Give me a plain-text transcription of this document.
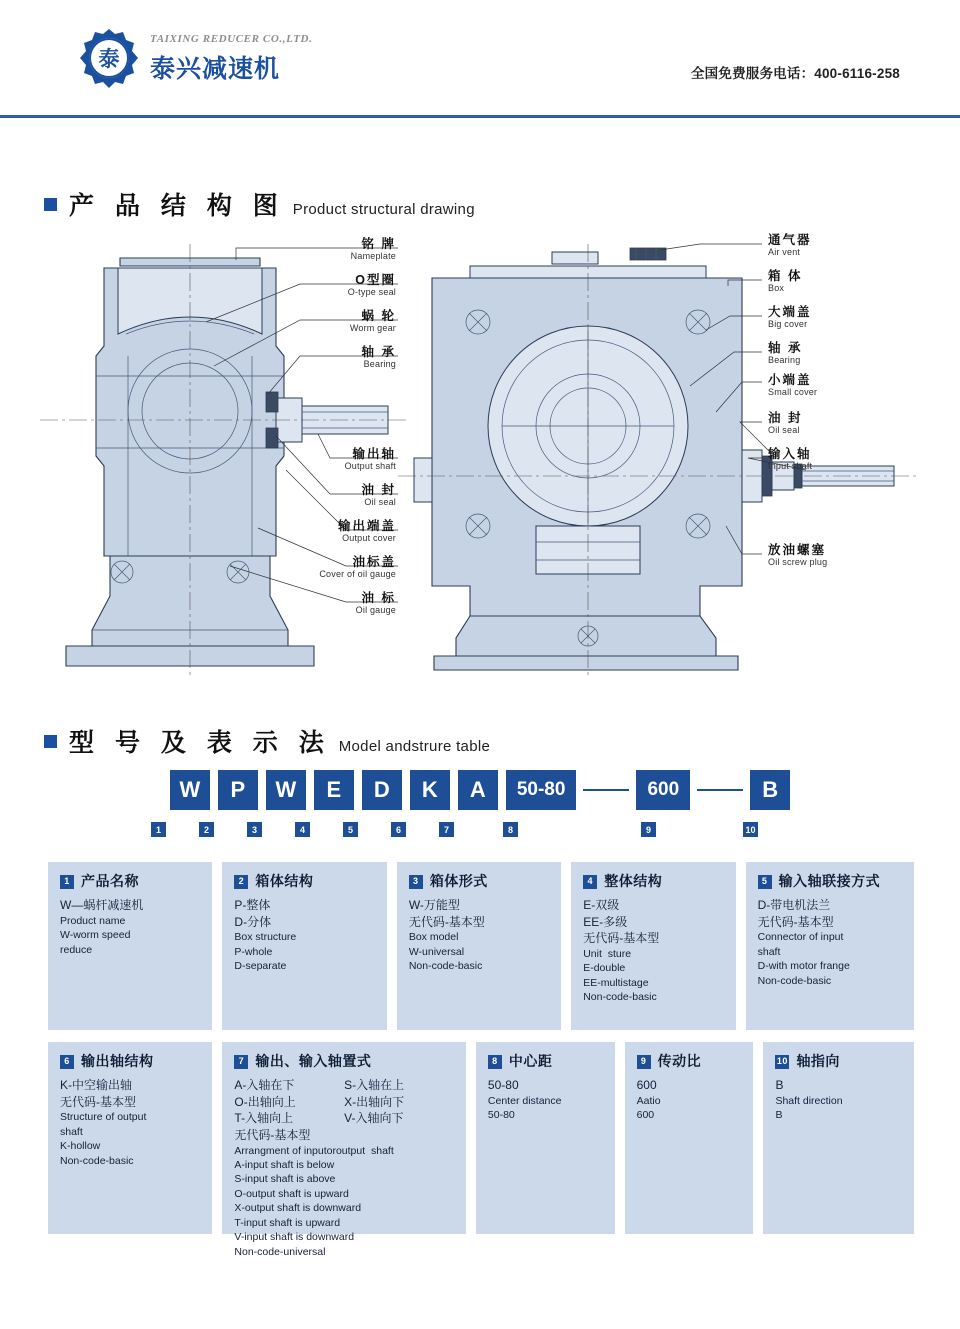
泰
TAIXING REDUCER CO.,LTD.
泰兴减速机	全国免费服务电话：400-6116-258
产 品 结 构 图 Product structural drawing
铭 牌
Nameplate
O型圈
O-type seal
蜗 轮
Worm gear
轴 承
Bearing
输出轴
Output shaft
油 封
Oil seal
输出端盖
Output cover
油标盖
Cover of oil gauge
油 标
Oil gauge
通气器
Air vent
箱 体
Box
大端盖
Big cover
轴 承
Bearing
小端盖
Small cover
油 封
Oil seal
输入轴
Input shaft
放油螺塞
Oil screw plug
型 号 及 表 示 法 Model andstrure table
W	P	W	E	D	K	A	50-80	600	B
1	2	3	4	5	6	7	8	9	10
1 产品名称
W—蜗杆减速机
Product name
W-worm speed
reduce
2 箱体结构
P-整体
D-分体
Box structure
P-whole
D-separate
3 箱体形式
W-万能型
无代码-基本型
Box model
W-universal
Non-code-basic
4 整体结构
E-双级
EE-多级
无代码-基本型
Unit  sture
E-double
EE-multistage
Non-code-basic
5 输入轴联接方式
D-带电机法兰
无代码-基本型
Connector of input
shaft
D-with motor frange
Non-code-basic
6 输出轴结构
K-中空输出轴
无代码-基本型
Structure of output
shaft
K-hollow
Non-code-basic
7 输出、输入轴置式
A-入轴在下
O-出轴向上
T-入轴向上
无代码-基本型
S-入轴在上
X-出轴向下
V-入轴向下
Arrangment of inputoroutput  shaft
A-input shaft is below
S-input shaft is above
O-output shaft is upward
X-output shaft is downward
T-input shaft is upward
V-input shaft is downward
Non-code-universal
8 中心距
50-80
Center distance
50-80
9 传动比
600
Aatio
600
10 轴指向
B
Shaft direction
B
